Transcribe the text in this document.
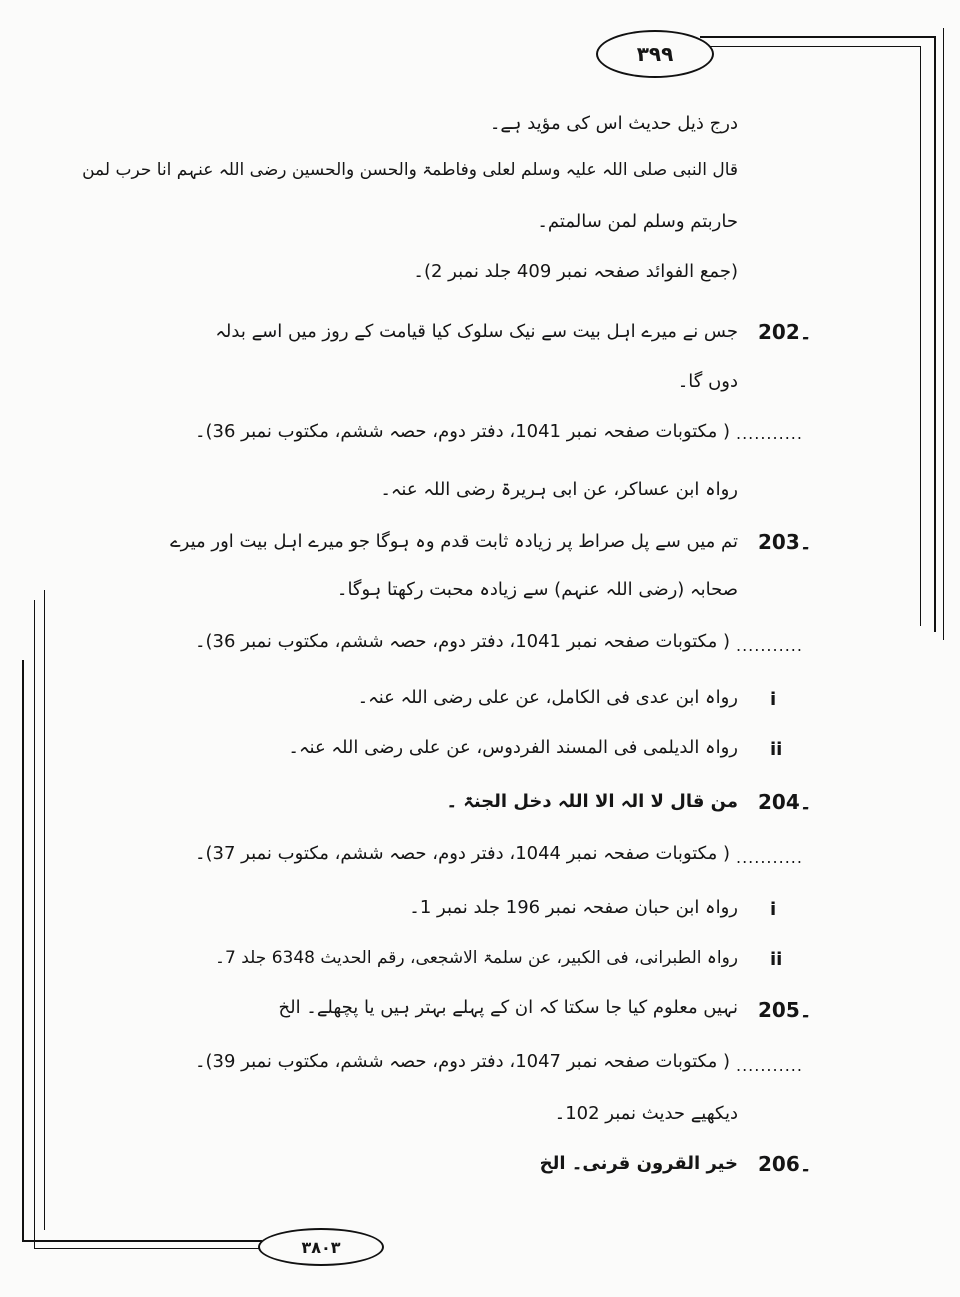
۳۹۹
۳۸۰۳
درج ذیل حدیث اس کی مؤید ہے۔
قال النبی صلی اللہ علیہ وسلم لعلی وفاطمۃ والحسن والحسین رضی اللہ عنہم انا حرب لمن
حاربتم وسلم لمن سالمتم۔
(جمع الفوائد صفحہ نمبر 409 جلد نمبر 2)۔
202۔
جس نے میرے اہل بیت سے نیک سلوک کیا قیامت کے روز میں اسے بدلہ
دوں گا۔
...........
( مکتوبات صفحہ نمبر 1041، دفتر دوم، حصہ ششم، مکتوب نمبر 36)۔
رواہ ابن عساکر، عن ابی ہریرۃ رضی اللہ عنہ۔
203۔
تم میں سے پل صراط پر زیادہ ثابت قدم وہ ہوگا جو میرے اہل بیت اور میرے
صحابہ (رضی اللہ عنہم) سے زیادہ محبت رکھتا ہوگا۔
...........
( مکتوبات صفحہ نمبر 1041، دفتر دوم، حصہ ششم، مکتوب نمبر 36)۔
i
رواہ ابن عدی فی الکامل، عن علی رضی اللہ عنہ۔
ii
رواہ الدیلمی فی المسند الفردوس، عن علی رضی اللہ عنہ۔
204۔
من قال لا الہ الا اللہ دخل الجنۃ ۔
...........
( مکتوبات صفحہ نمبر 1044، دفتر دوم، حصہ ششم، مکتوب نمبر 37)۔
i
رواہ ابن حبان صفحہ نمبر 196 جلد نمبر 1۔
ii
رواہ الطبرانی، فی الکبیر، عن سلمۃ الاشجعی، رقم الحدیث 6348 جلد 7۔
205۔
نہیں معلوم کیا جا سکتا کہ ان کے پہلے بہتر ہیں یا پچھلے۔ الخ
...........
( مکتوبات صفحہ نمبر 1047، دفتر دوم، حصہ ششم، مکتوب نمبر 39)۔
دیکھیے حدیث نمبر 102۔
206۔
خیر القرون قرنی۔ الخ
